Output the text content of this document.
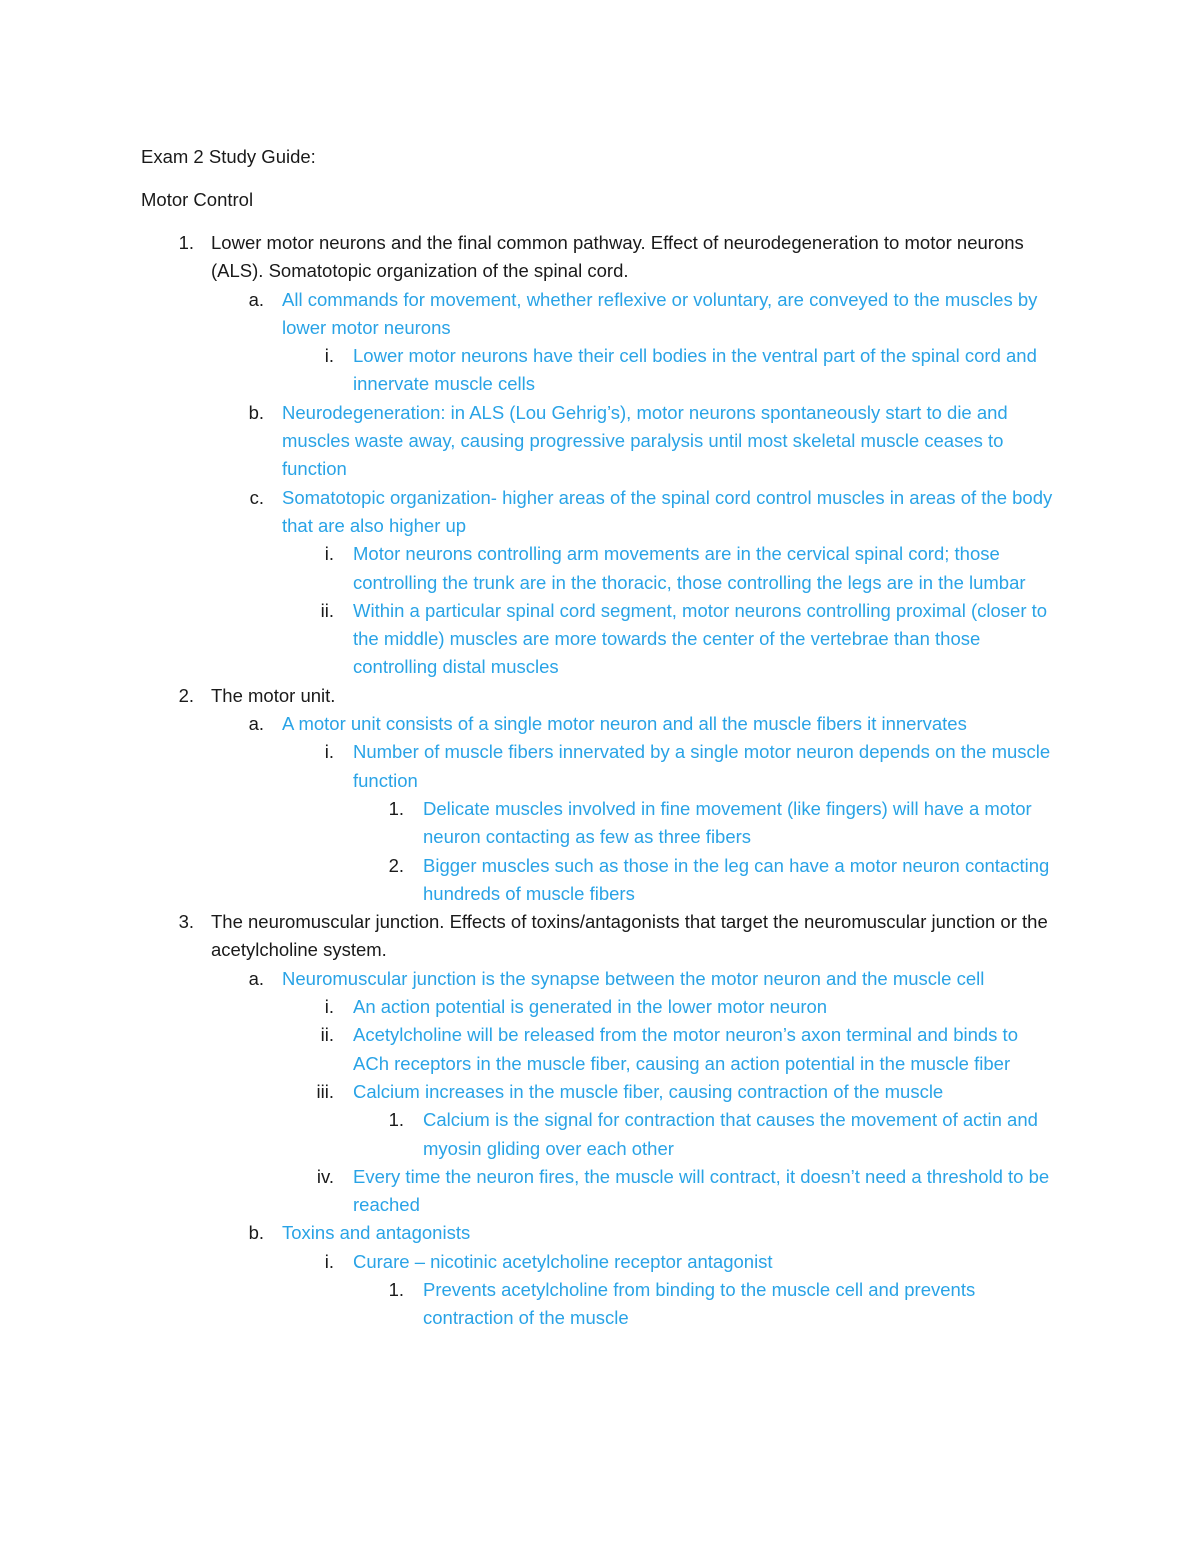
Exam 2 Study Guide:
Motor Control
1. Lower motor neurons and the final common pathway. Effect of neurodegeneration to motor neurons (ALS). Somatotopic organization of the spinal cord.
a. All commands for movement, whether reflexive or voluntary, are conveyed to the muscles by lower motor neurons
i. Lower motor neurons have their cell bodies in the ventral part of the spinal cord and innervate muscle cells
b. Neurodegeneration: in ALS (Lou Gehrig’s), motor neurons spontaneously start to die and muscles waste away, causing progressive paralysis until most skeletal muscle ceases to function
c. Somatotopic organization- higher areas of the spinal cord control muscles in areas of the body that are also higher up
i. Motor neurons controlling arm movements are in the cervical spinal cord; those controlling the trunk are in the thoracic, those controlling the legs are in the lumbar
ii. Within a particular spinal cord segment, motor neurons controlling proximal (closer to the middle) muscles are more towards the center of the vertebrae than those controlling distal muscles
2. The motor unit.
a. A motor unit consists of a single motor neuron and all the muscle fibers it innervates
i. Number of muscle fibers innervated by a single motor neuron depends on the muscle function
1. Delicate muscles involved in fine movement (like fingers) will have a motor neuron contacting as few as three fibers
2. Bigger muscles such as those in the leg can have a motor neuron contacting hundreds of muscle fibers
3. The neuromuscular junction. Effects of toxins/antagonists that target the neuromuscular junction or the acetylcholine system.
a. Neuromuscular junction is the synapse between the motor neuron and the muscle cell
i. An action potential is generated in the lower motor neuron
ii. Acetylcholine will be released from the motor neuron’s axon terminal and binds to ACh receptors in the muscle fiber, causing an action potential in the muscle fiber
iii. Calcium increases in the muscle fiber, causing contraction of the muscle
1. Calcium is the signal for contraction that causes the movement of actin and myosin gliding over each other
iv. Every time the neuron fires, the muscle will contract, it doesn’t need a threshold to be reached
b. Toxins and antagonists
i. Curare – nicotinic acetylcholine receptor antagonist
1. Prevents acetylcholine from binding to the muscle cell and prevents contraction of the muscle
